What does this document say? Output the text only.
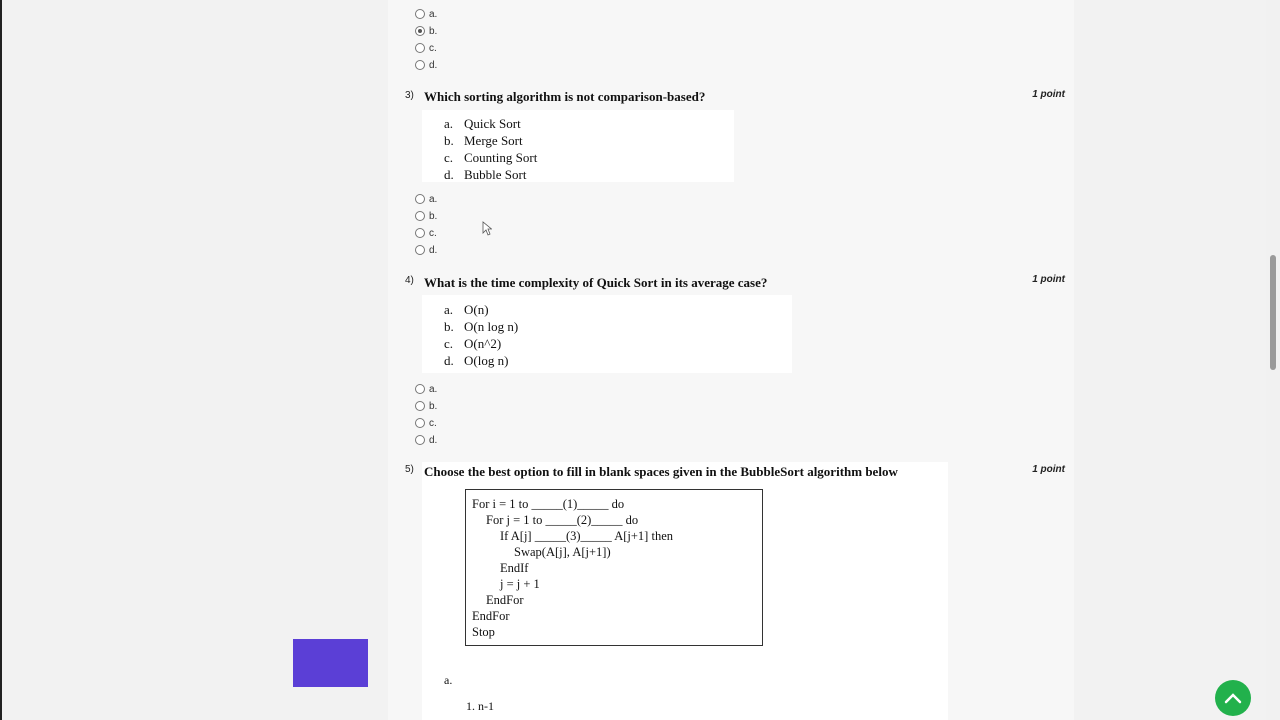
a.
b.
c.
d.
3) Which sorting algorithm is not comparison-based?	1 point
a. Quick Sort
b. Merge Sort
c. Counting Sort
d. Bubble Sort
a.
b.
c.
d.
4) What is the time complexity of Quick Sort in its average case?	1 point
a. O(n)
b. O(n log n)
c. O(n^2)
d. O(log n)
a.
b.
c.
d.
5) Choose the best option to fill in blank spaces given in the BubbleSort algorithm below	1 point
For i = 1 to _____(1)_____ do
For j = 1 to _____(2)_____ do
If A[j] _____(3)_____ A[j+1] then
Swap(A[j], A[j+1])
EndIf
j = j + 1
EndFor
EndFor
Stop
a.
1. n-1
